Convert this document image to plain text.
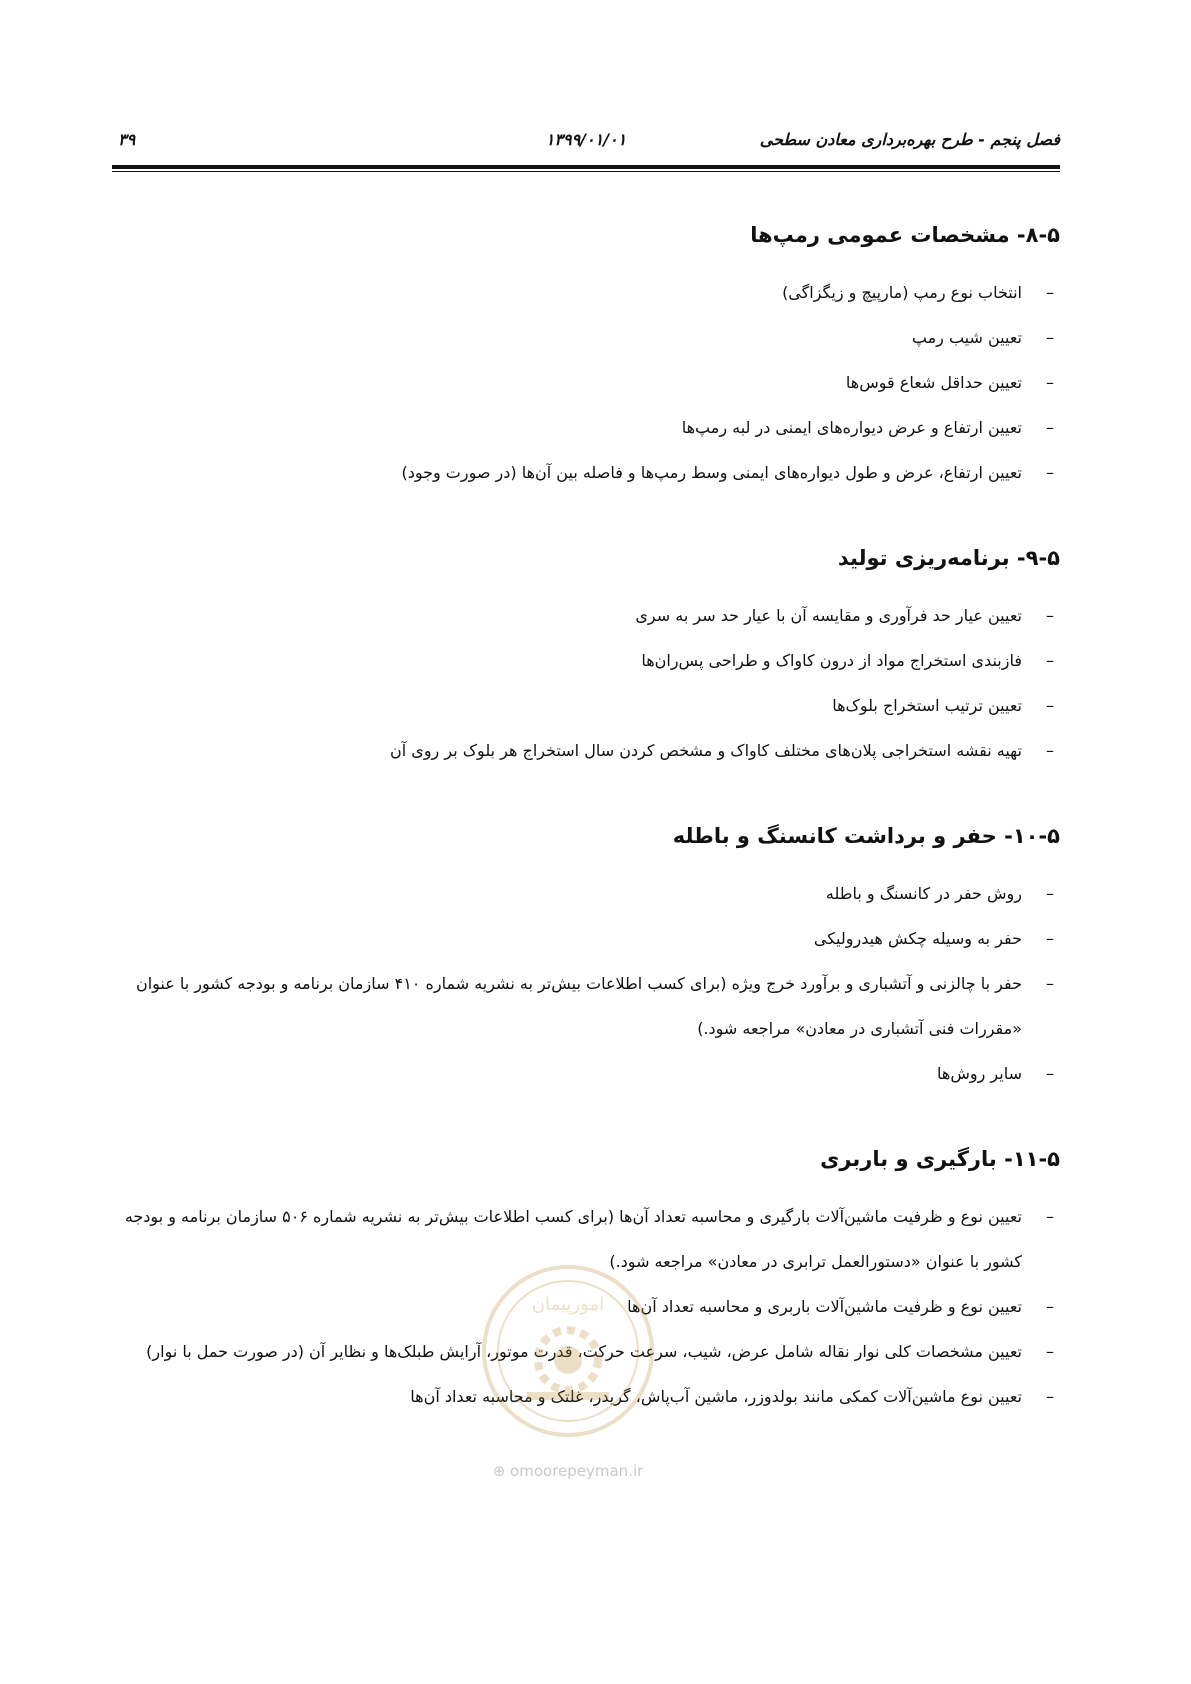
فصل پنجم - طرح بهره‌برداری معادن سطحی
۱۳۹۹/۰۱/۰۱
۳۹
۸-۵- مشخصات عمومی رمپ‌ها
–
انتخاب نوع رمپ (مارپیچ و زیگزاگی)
–
تعیین شیب رمپ
–
تعیین حداقل شعاع قوس‌ها
–
تعیین ارتفاع و عرض دیواره‌های ایمنی در لبه رمپ‌ها
–
تعیین ارتفاع، عرض و طول دیواره‌های ایمنی وسط رمپ‌ها و فاصله بین آن‌ها (در صورت وجود)
۹-۵- برنامه‌ریزی تولید
–
تعیین عیار حد فرآوری و مقایسه آن با عیار حد سر به سری
–
فازبندی استخراج مواد از درون کاواک و طراحی پس‌ران‌ها
–
تعیین ترتیب استخراج بلوک‌ها
–
تهیه نقشه استخراجی پلان‌های مختلف کاواک و مشخص کردن سال استخراج هر بلوک بر روی آن
۱۰-۵- حفر و برداشت کانسنگ و باطله
–
روش حفر در کانسنگ و باطله
–
حفر به وسیله چکش هیدرولیکی
–
حفر با چالزنی و آتشباری و برآورد خرج ویژه (برای کسب اطلاعات بیش‌تر به نشریه شماره ۴۱۰ سازمان برنامه و بودجه کشور با عنوان «مقررات فنی آتشباری در معادن» مراجعه شود.)
–
سایر روش‌ها
۱۱-۵- بارگیری و باربری
–
تعیین نوع و ظرفیت ماشین‌آلات بارگیری و محاسبه تعداد آن‌ها (برای کسب اطلاعات بیش‌تر به نشریه شماره ۵۰۶ سازمان برنامه و بودجه کشور با عنوان «دستورالعمل ترابری در معادن» مراجعه شود.)
–
تعیین نوع و ظرفیت ماشین‌آلات باربری و محاسبه تعداد آن‌ها
–
تعیین مشخصات کلی نوار نقاله شامل عرض، شیب، سرعت حرکت، قدرت موتور، آرایش طبلک‌ها و نظایر آن (در صورت حمل با نوار)
–
تعیین نوع ماشین‌آلات کمکی مانند بولدوزر، ماشین آب‌پاش، گریدر، غلتک و محاسبه تعداد آن‌ها
امورپیمان
⊕ omoorepeyman.ir
